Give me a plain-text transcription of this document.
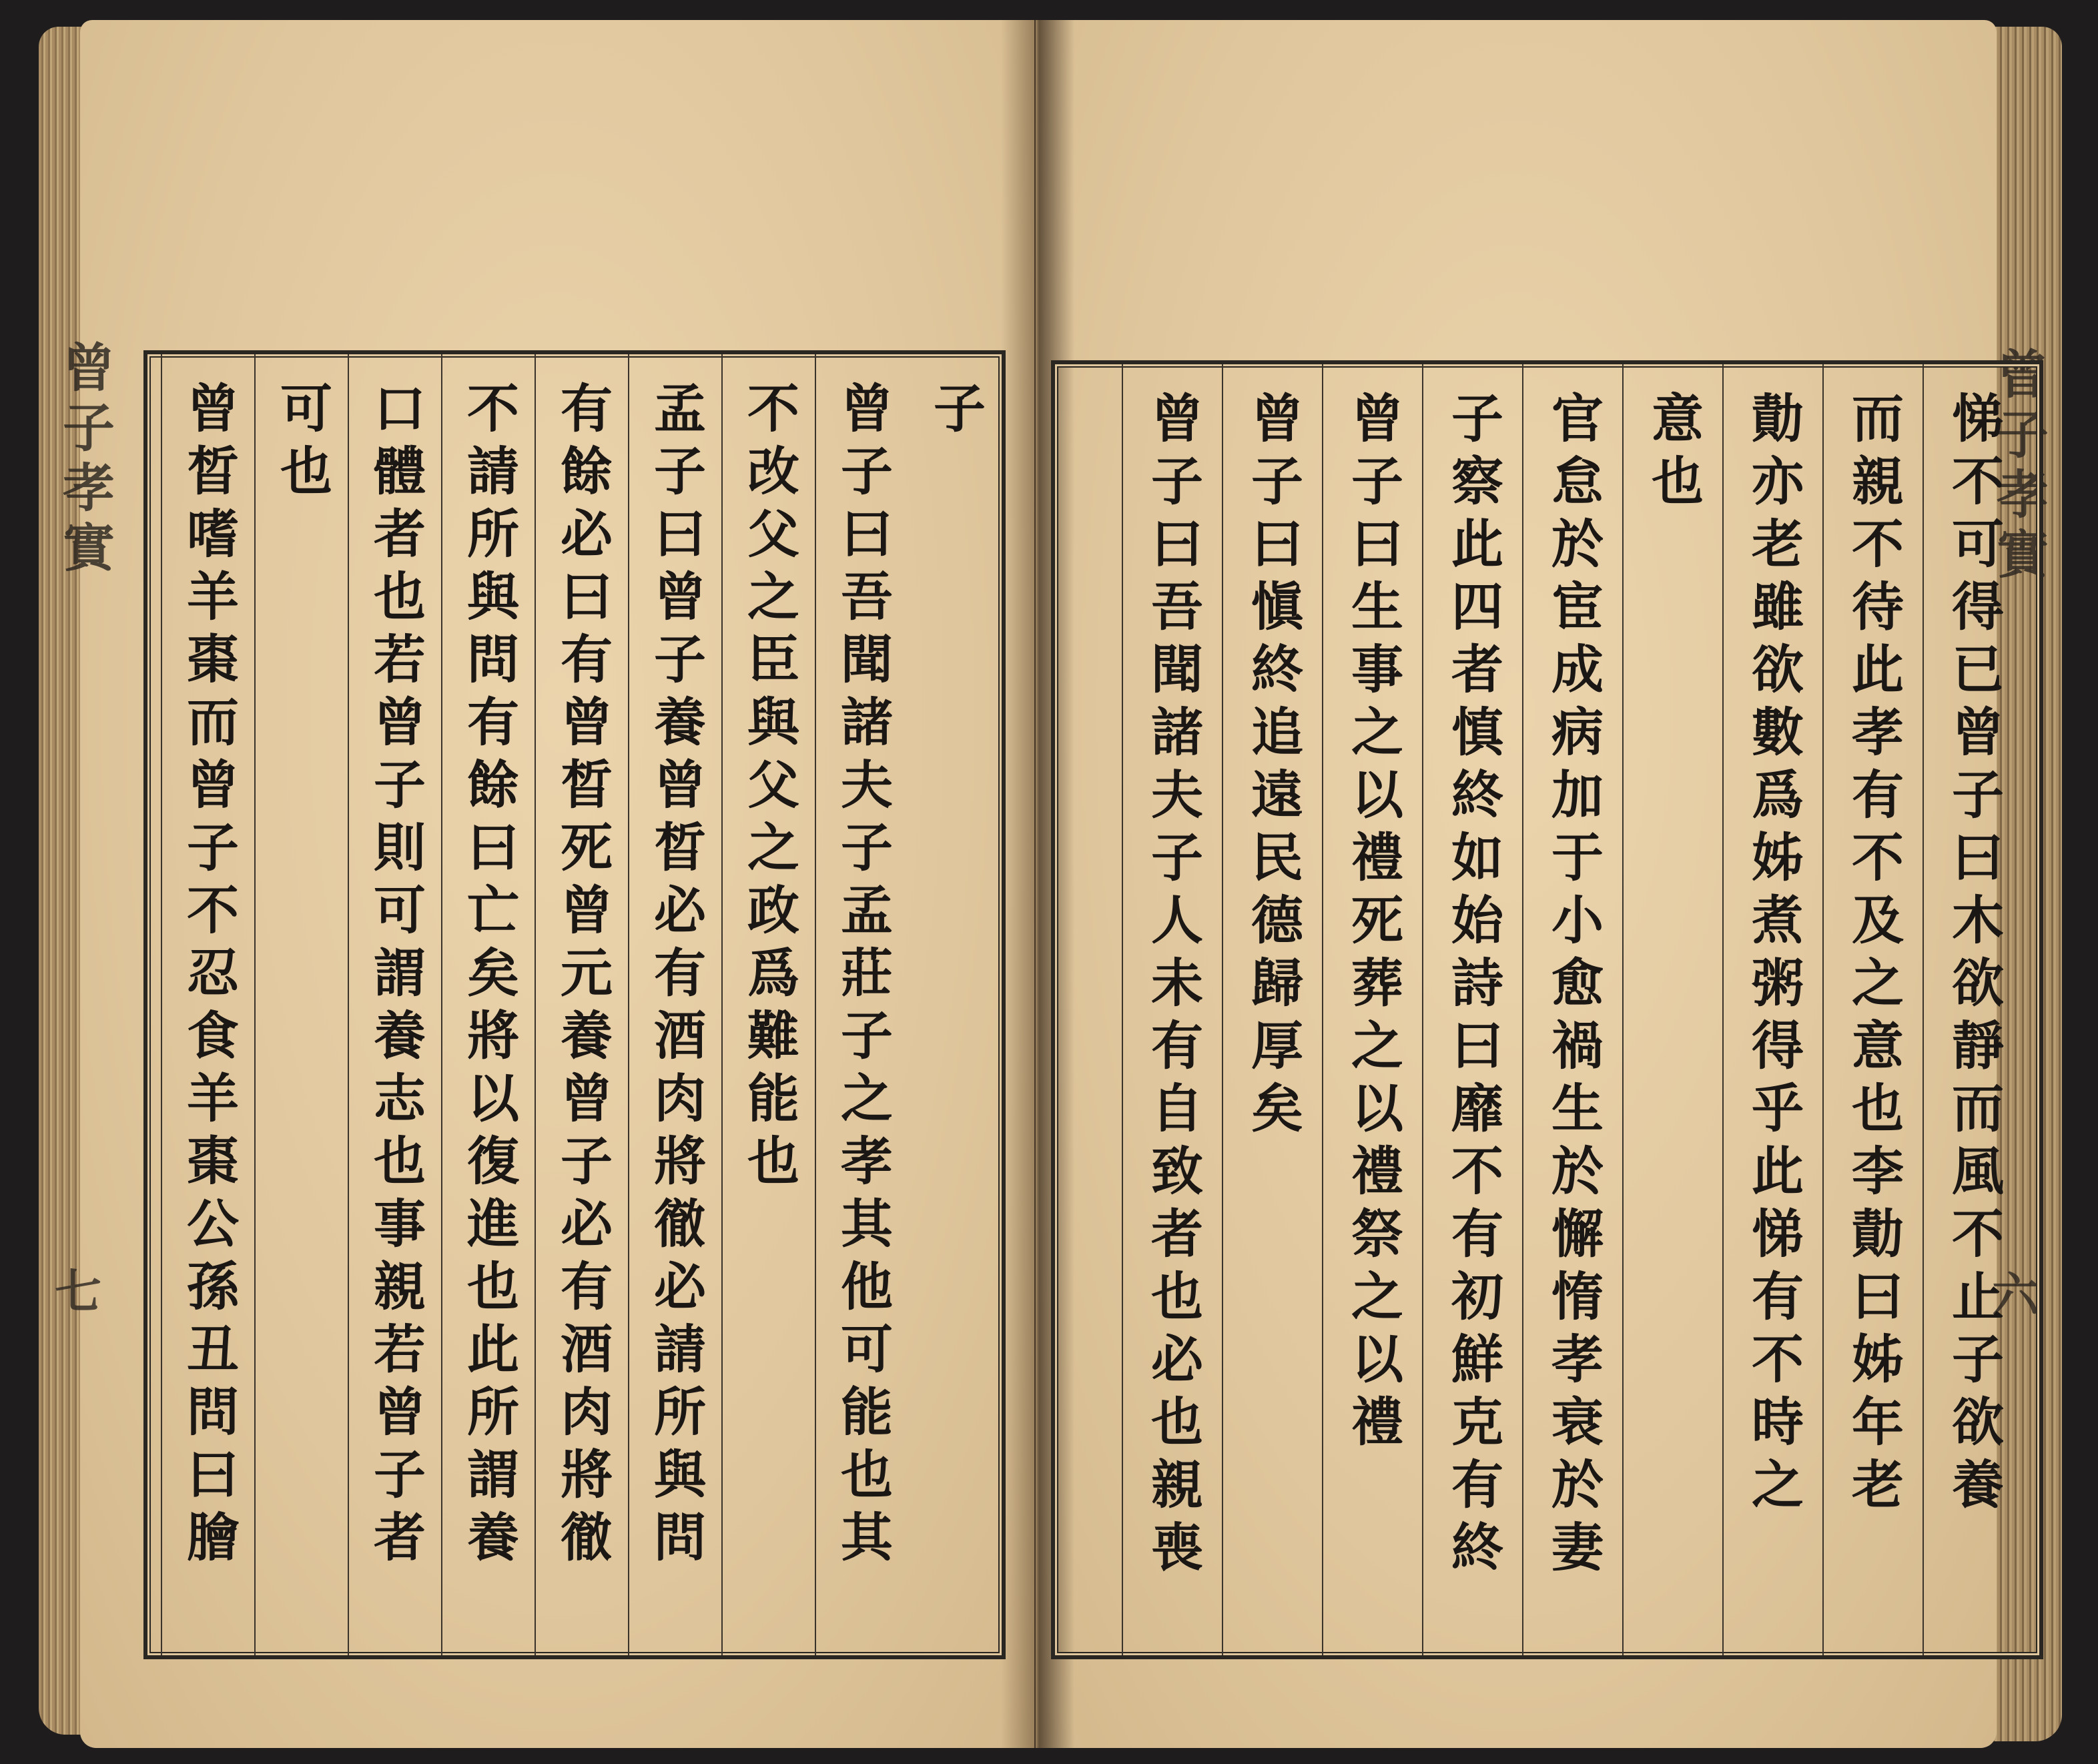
曾子孝實	曾子孝實
七	六
子
曾子曰吾聞諸夫子孟莊子之孝其他可能也其
不改父之臣與父之政爲難能也
孟子曰曾子養曾晳必有酒肉將徹必請所與問
有餘必曰有曾晳死曾元養曾子必有酒肉將徹
不請所與問有餘曰亡矣將以復進也此所謂養
口體者也若曾子則可謂養志也事親若曾子者
可也
曾晳嗜羊棗而曾子不忍食羊棗公孫丑問曰膾	悌不可得已曾子曰木欲靜而風不止子欲養
而親不待此孝有不及之意也李勣曰姊年老
勣亦老雖欲數爲姊煮粥得乎此悌有不時之
意也
官怠於宦成病加于小愈禍生於懈惰孝衰於妻
子察此四者慎終如始詩曰靡不有初鮮克有終
曾子曰生事之以禮死葬之以禮祭之以禮
曾子曰愼終追遠民德歸厚矣
曾子曰吾聞諸夫子人未有自致者也必也親喪
